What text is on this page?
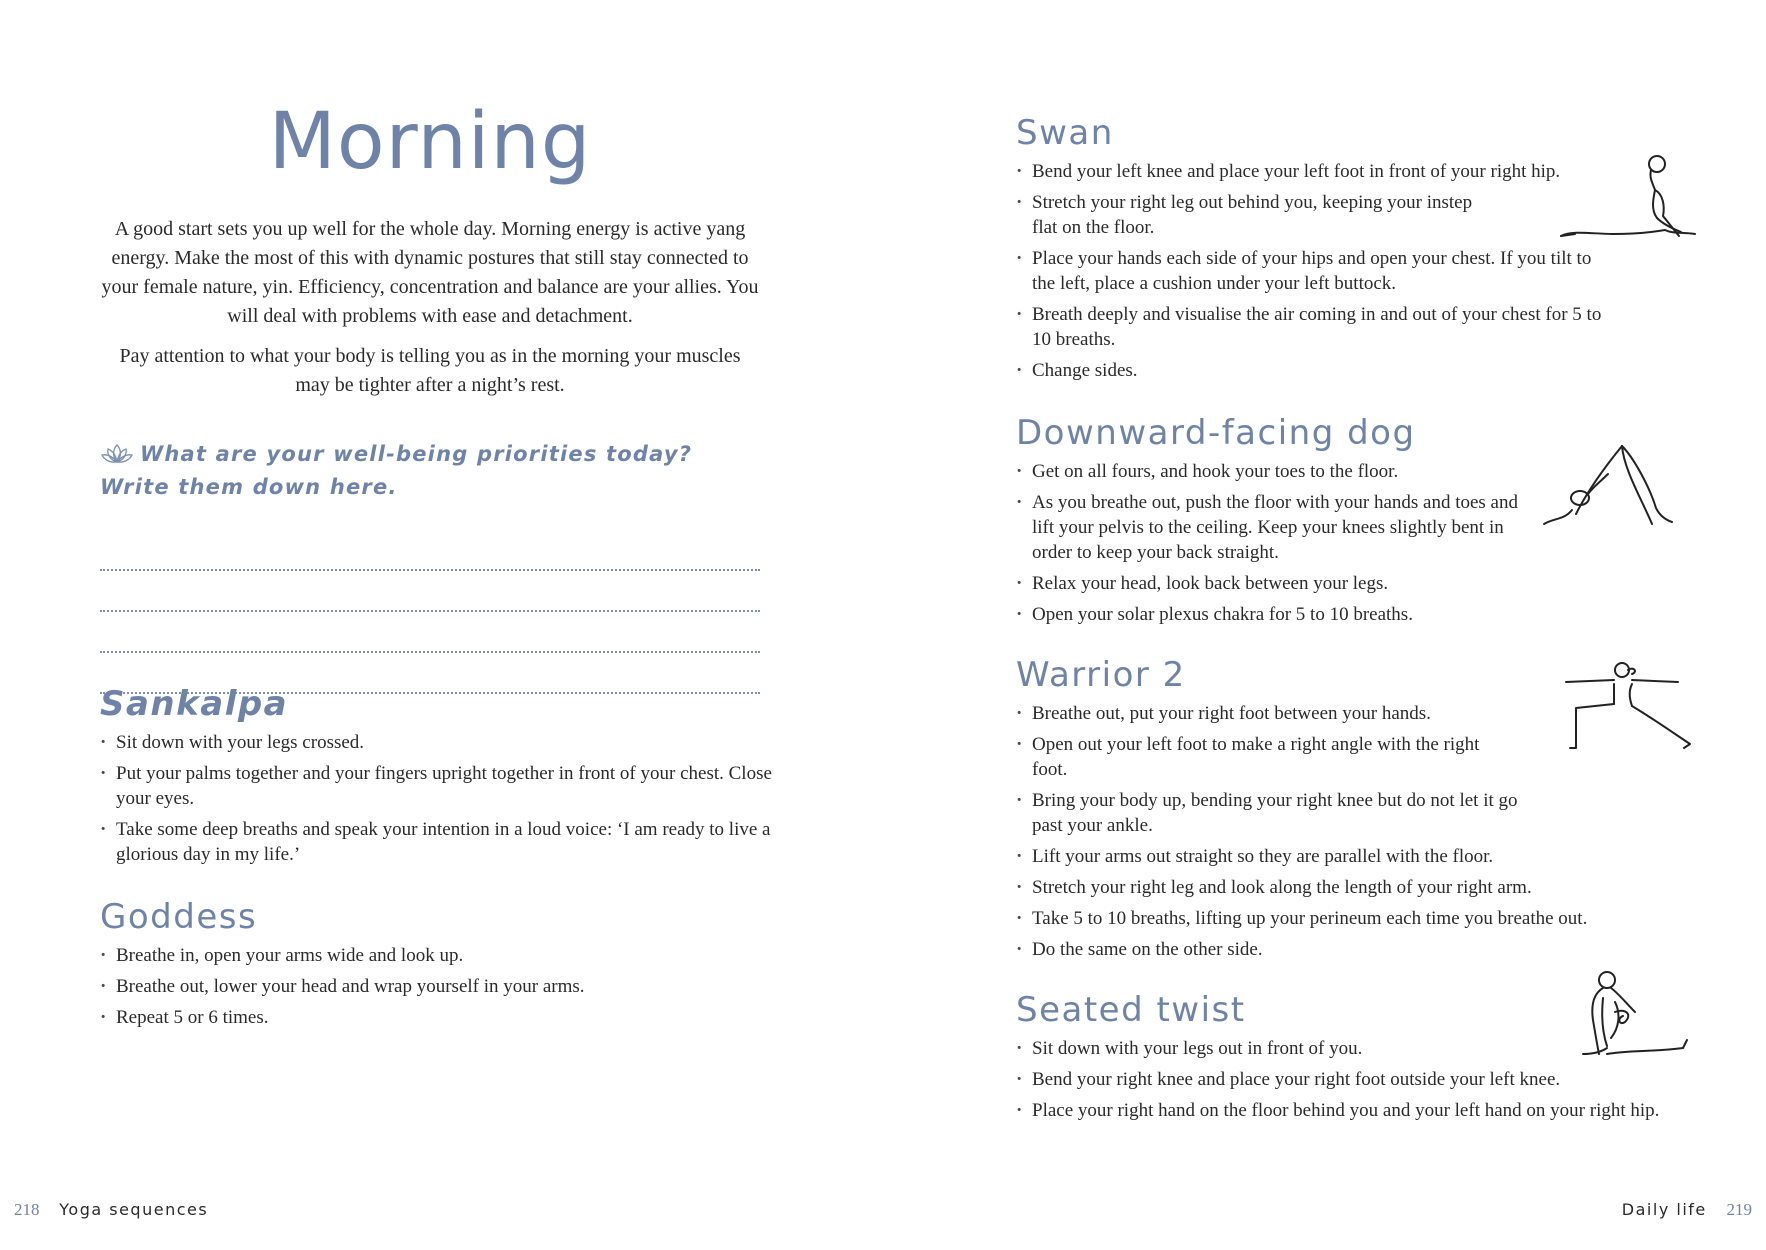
Morning

A good start sets you up well for the whole day. Morning energy is active yang energy. Make the most of this with dynamic postures that still stay connected to your female nature, yin. Efficiency, concentration and balance are your allies. You will deal with problems with ease and detachment.

Pay attention to what your body is telling you as in the morning your muscles may be tighter after a night’s rest.

What are your well-being priorities today? Write them down here.
Sankalpa
· Sit down with your legs crossed.
· Put your palms together and your fingers upright together in front of your chest. Close your eyes.
· Take some deep breaths and speak your intention in a loud voice: ‘I am ready to live a glorious day in my life.’
Goddess
· Breathe in, open your arms wide and look up.
· Breathe out, lower your head and wrap yourself in your arms.
· Repeat 5 or 6 times.
218 Yoga sequences
Swan
· Bend your left knee and place your left foot in front of your right hip.
· Stretch your right leg out behind you, keeping your instep flat on the floor.
· Place your hands each side of your hips and open your chest. If you tilt to the left, place a cushion under your left buttock.
· Breath deeply and visualise the air coming in and out of your chest for 5 to 10 breaths.
· Change sides.
Downward-facing dog
· Get on all fours, and hook your toes to the floor.
· As you breathe out, push the floor with your hands and toes and lift your pelvis to the ceiling. Keep your knees slightly bent in order to keep your back straight.
· Relax your head, look back between your legs.
· Open your solar plexus chakra for 5 to 10 breaths.
Warrior 2
· Breathe out, put your right foot between your hands.
· Open out your left foot to make a right angle with the right foot.
· Bring your body up, bending your right knee but do not let it go past your ankle.
· Lift your arms out straight so they are parallel with the floor.
· Stretch your right leg and look along the length of your right arm.
· Take 5 to 10 breaths, lifting up your perineum each time you breathe out.
· Do the same on the other side.
Seated twist
· Sit down with your legs out in front of you.
· Bend your right knee and place your right foot outside your left knee.
· Place your right hand on the floor behind you and your left hand on your right hip.
Daily life 219
